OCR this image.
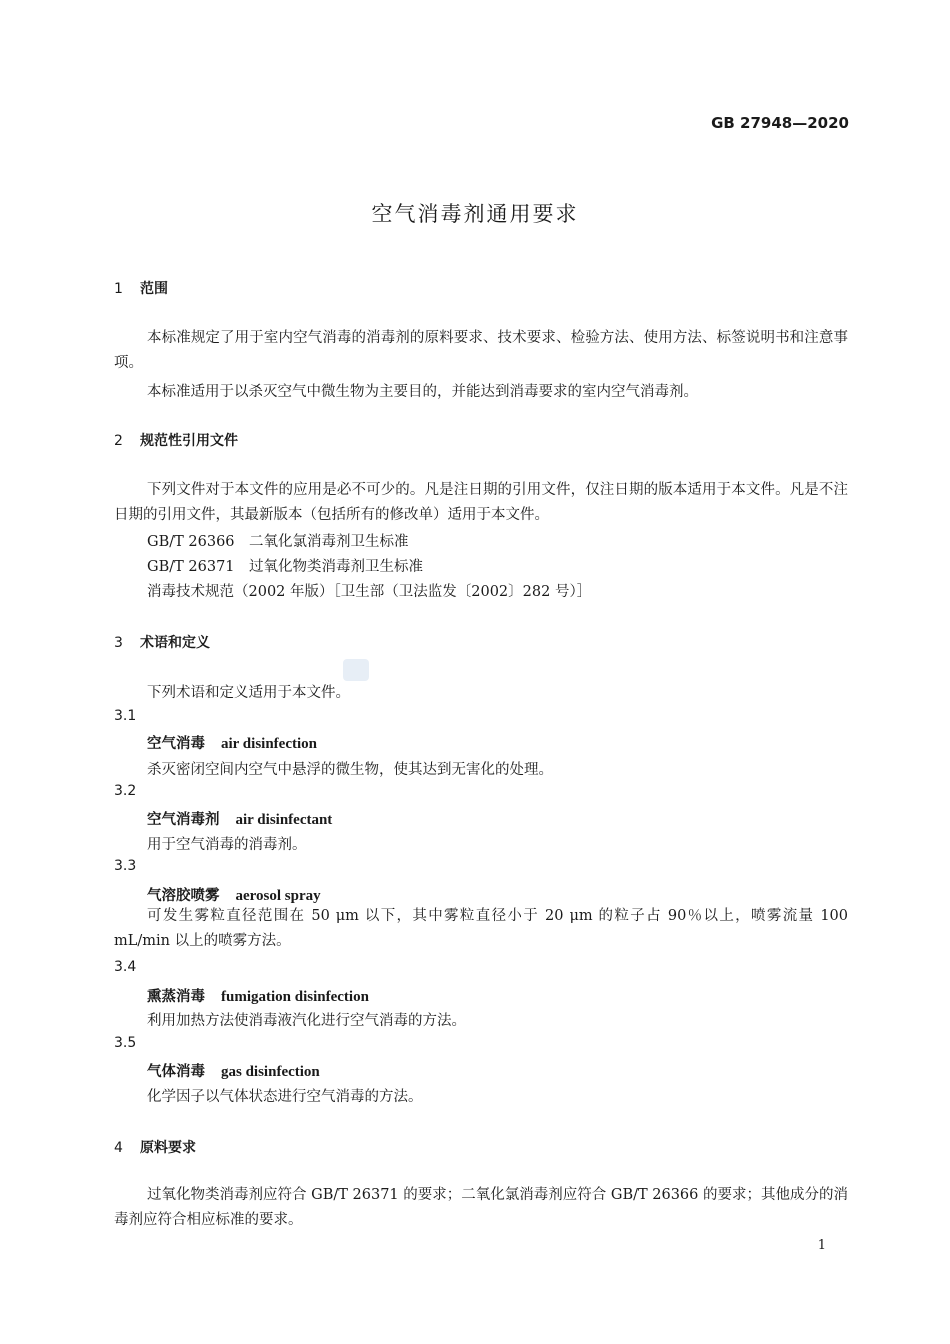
GB 27948—2020
空气消毒剂通用要求
1 范围
本标准规定了用于室内空气消毒的消毒剂的原料要求、技术要求、检验方法、使用方法、标签说明书和注意事项。
本标准适用于以杀灭空气中微生物为主要目的，并能达到消毒要求的室内空气消毒剂。
2 规范性引用文件
下列文件对于本文件的应用是必不可少的。凡是注日期的引用文件，仅注日期的版本适用于本文件。凡是不注日期的引用文件，其最新版本（包括所有的修改单）适用于本文件。
GB/T 26366　二氧化氯消毒剂卫生标准
GB/T 26371　过氧化物类消毒剂卫生标准
消毒技术规范（2002 年版）［卫生部（卫法监发〔2002〕282 号）］
3 术语和定义
下列术语和定义适用于本文件。
3.1
空气消毒 air disinfection
杀灭密闭空间内空气中悬浮的微生物，使其达到无害化的处理。
3.2
空气消毒剂 air disinfectant
用于空气消毒的消毒剂。
3.3
气溶胶喷雾 aerosol spray
可发生雾粒直径范围在 50 μm 以下，其中雾粒直径小于 20 μm 的粒子占 90％以上，喷雾流量 100 mL/min 以上的喷雾方法。
3.4
熏蒸消毒 fumigation disinfection
利用加热方法使消毒液汽化进行空气消毒的方法。
3.5
气体消毒 gas disinfection
化学因子以气体状态进行空气消毒的方法。
4 原料要求
过氧化物类消毒剂应符合 GB/T 26371 的要求；二氧化氯消毒剂应符合 GB/T 26366 的要求；其他成分的消毒剂应符合相应标准的要求。
1
